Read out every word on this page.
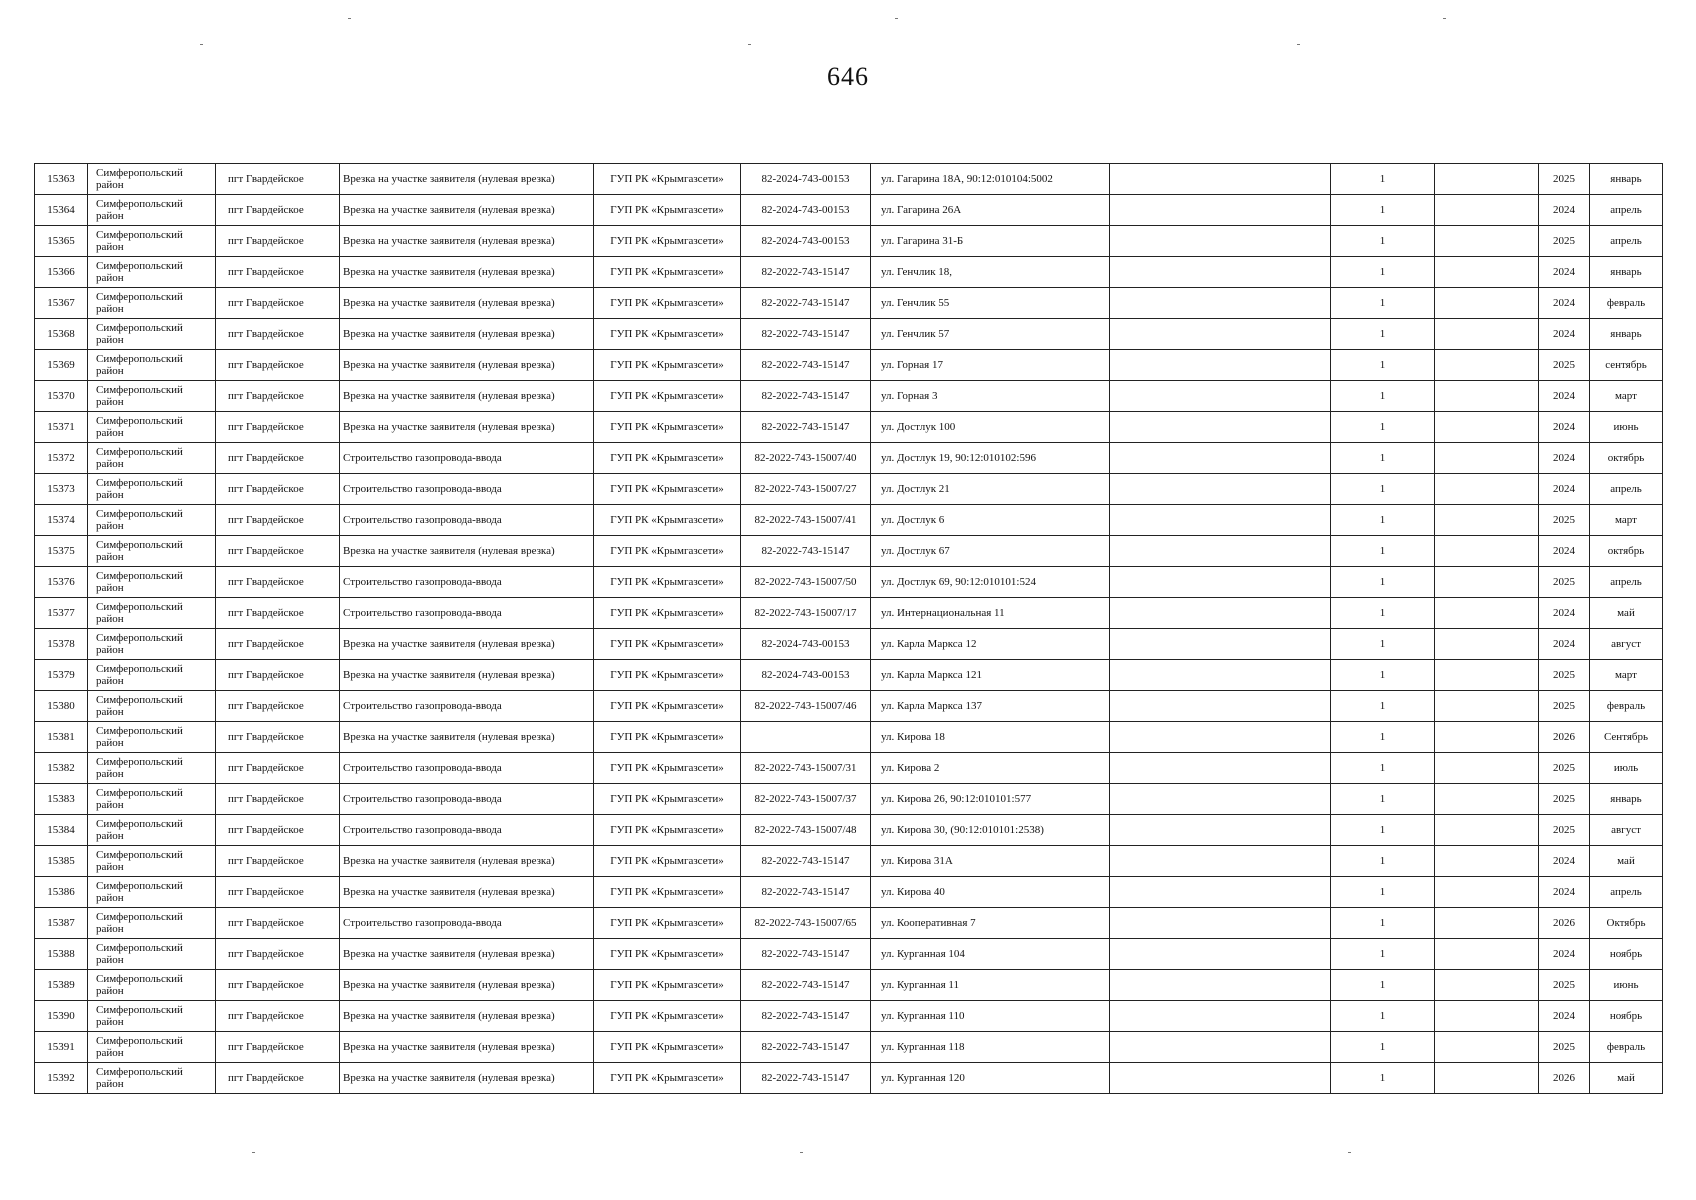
646
15363	Симферопольский район	пгт Гвардейское	Врезка на участке заявителя (нулевая врезка)	ГУП РК «Крымгазсети»	82-2024-743-00153	ул. Гагарина 18А, 90:12:010104:5002		1		2025	январь
15364	Симферопольский район	пгт Гвардейское	Врезка на участке заявителя (нулевая врезка)	ГУП РК «Крымгазсети»	82-2024-743-00153	ул. Гагарина 26А		1		2024	апрель
15365	Симферопольский район	пгт Гвардейское	Врезка на участке заявителя (нулевая врезка)	ГУП РК «Крымгазсети»	82-2024-743-00153	ул. Гагарина 31-Б		1		2025	апрель
15366	Симферопольский район	пгт Гвардейское	Врезка на участке заявителя (нулевая врезка)	ГУП РК «Крымгазсети»	82-2022-743-15147	ул. Генчлик 18,		1		2024	январь
15367	Симферопольский район	пгт Гвардейское	Врезка на участке заявителя (нулевая врезка)	ГУП РК «Крымгазсети»	82-2022-743-15147	ул. Генчлик 55		1		2024	февраль
15368	Симферопольский район	пгт Гвардейское	Врезка на участке заявителя (нулевая врезка)	ГУП РК «Крымгазсети»	82-2022-743-15147	ул. Генчлик 57		1		2024	январь
15369	Симферопольский район	пгт Гвардейское	Врезка на участке заявителя (нулевая врезка)	ГУП РК «Крымгазсети»	82-2022-743-15147	ул. Горная 17		1		2025	сентябрь
15370	Симферопольский район	пгт Гвардейское	Врезка на участке заявителя (нулевая врезка)	ГУП РК «Крымгазсети»	82-2022-743-15147	ул. Горная 3		1		2024	март
15371	Симферопольский район	пгт Гвардейское	Врезка на участке заявителя (нулевая врезка)	ГУП РК «Крымгазсети»	82-2022-743-15147	ул. Достлук 100		1		2024	июнь
15372	Симферопольский район	пгт Гвардейское	Строительство газопровода-ввода	ГУП РК «Крымгазсети»	82-2022-743-15007/40	ул. Достлук 19, 90:12:010102:596		1		2024	октябрь
15373	Симферопольский район	пгт Гвардейское	Строительство газопровода-ввода	ГУП РК «Крымгазсети»	82-2022-743-15007/27	ул. Достлук 21		1		2024	апрель
15374	Симферопольский район	пгт Гвардейское	Строительство газопровода-ввода	ГУП РК «Крымгазсети»	82-2022-743-15007/41	ул. Достлук 6		1		2025	март
15375	Симферопольский район	пгт Гвардейское	Врезка на участке заявителя (нулевая врезка)	ГУП РК «Крымгазсети»	82-2022-743-15147	ул. Достлук 67		1		2024	октябрь
15376	Симферопольский район	пгт Гвардейское	Строительство газопровода-ввода	ГУП РК «Крымгазсети»	82-2022-743-15007/50	ул. Достлук 69, 90:12:010101:524		1		2025	апрель
15377	Симферопольский район	пгт Гвардейское	Строительство газопровода-ввода	ГУП РК «Крымгазсети»	82-2022-743-15007/17	ул. Интернациональная 11		1		2024	май
15378	Симферопольский район	пгт Гвардейское	Врезка на участке заявителя (нулевая врезка)	ГУП РК «Крымгазсети»	82-2024-743-00153	ул. Карла Маркса 12		1		2024	август
15379	Симферопольский район	пгт Гвардейское	Врезка на участке заявителя (нулевая врезка)	ГУП РК «Крымгазсети»	82-2024-743-00153	ул. Карла Маркса 121		1		2025	март
15380	Симферопольский район	пгт Гвардейское	Строительство газопровода-ввода	ГУП РК «Крымгазсети»	82-2022-743-15007/46	ул. Карла Маркса 137		1		2025	февраль
15381	Симферопольский район	пгт Гвардейское	Врезка на участке заявителя (нулевая врезка)	ГУП РК «Крымгазсети»		ул. Кирова 18		1		2026	Сентябрь
15382	Симферопольский район	пгт Гвардейское	Строительство газопровода-ввода	ГУП РК «Крымгазсети»	82-2022-743-15007/31	ул. Кирова 2		1		2025	июль
15383	Симферопольский район	пгт Гвардейское	Строительство газопровода-ввода	ГУП РК «Крымгазсети»	82-2022-743-15007/37	ул. Кирова 26, 90:12:010101:577		1		2025	январь
15384	Симферопольский район	пгт Гвардейское	Строительство газопровода-ввода	ГУП РК «Крымгазсети»	82-2022-743-15007/48	ул. Кирова 30, (90:12:010101:2538)		1		2025	август
15385	Симферопольский район	пгт Гвардейское	Врезка на участке заявителя (нулевая врезка)	ГУП РК «Крымгазсети»	82-2022-743-15147	ул. Кирова 31А		1		2024	май
15386	Симферопольский район	пгт Гвардейское	Врезка на участке заявителя (нулевая врезка)	ГУП РК «Крымгазсети»	82-2022-743-15147	ул. Кирова 40		1		2024	апрель
15387	Симферопольский район	пгт Гвардейское	Строительство газопровода-ввода	ГУП РК «Крымгазсети»	82-2022-743-15007/65	ул. Кооперативная 7		1		2026	Октябрь
15388	Симферопольский район	пгт Гвардейское	Врезка на участке заявителя (нулевая врезка)	ГУП РК «Крымгазсети»	82-2022-743-15147	ул. Курганная 104		1		2024	ноябрь
15389	Симферопольский район	пгт Гвардейское	Врезка на участке заявителя (нулевая врезка)	ГУП РК «Крымгазсети»	82-2022-743-15147	ул. Курганная 11		1		2025	июнь
15390	Симферопольский район	пгт Гвардейское	Врезка на участке заявителя (нулевая врезка)	ГУП РК «Крымгазсети»	82-2022-743-15147	ул. Курганная 110		1		2024	ноябрь
15391	Симферопольский район	пгт Гвардейское	Врезка на участке заявителя (нулевая врезка)	ГУП РК «Крымгазсети»	82-2022-743-15147	ул. Курганная 118		1		2025	февраль
15392	Симферопольский район	пгт Гвардейское	Врезка на участке заявителя (нулевая врезка)	ГУП РК «Крымгазсети»	82-2022-743-15147	ул. Курганная 120		1		2026	май
